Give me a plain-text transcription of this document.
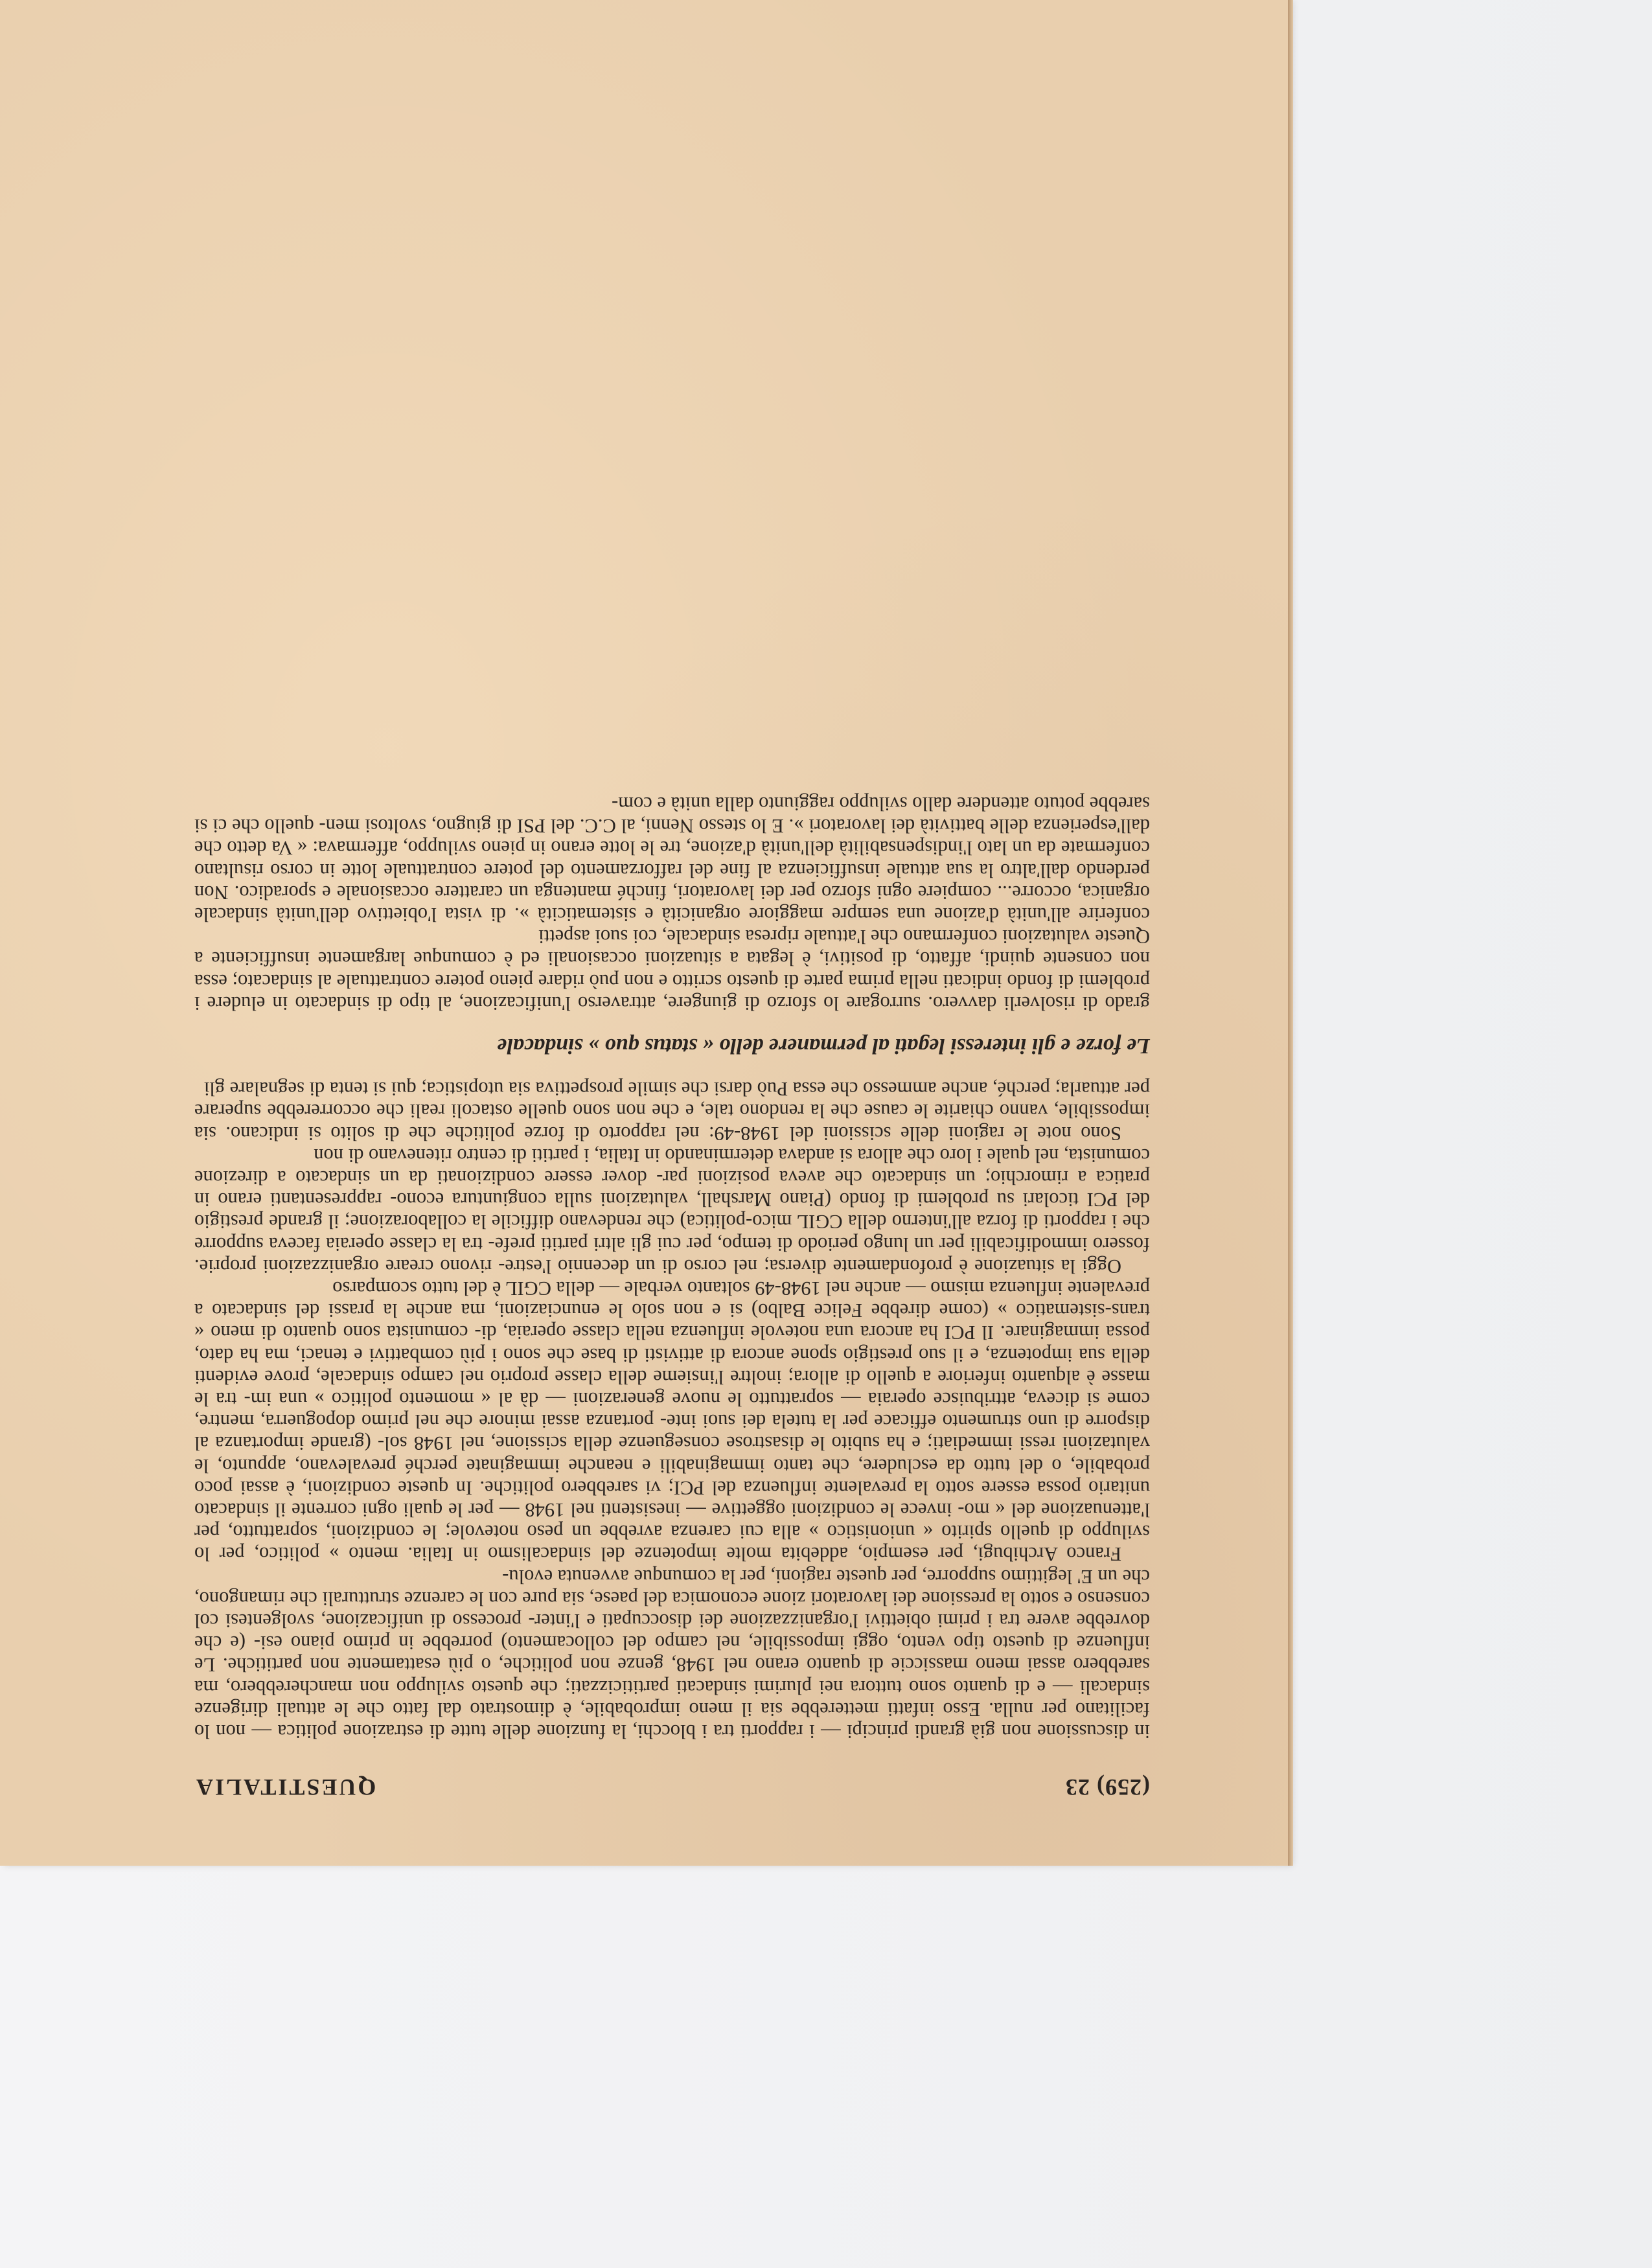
(259) 23
QUESTITALIA

in discussione non già grandi principi — i rapporti tra i blocchi, la funzione delle tutte di estrazione politica — non lo facilitano per nulla. Esso infatti metterebbe sia il meno improbabile, è dimostrato dal fatto che le attuali dirigenze sindacali — e di quanto sono tuttora nei plurimi sindacati partiticizzati; che questo sviluppo non mancherebbero, ma sarebbero assai meno massiccie di quanto erano nel 1948, genze non politiche, o più esattamente non partitiche. Le influenze di questo tipo vento, oggi impossibile, nel campo del collocamento) porrebbe in primo piano esi- (e che dovrebbe avere tra i primi obiettivi l'organizzazione dei disoccupati e l'inter- processo di unificazione, svolgentesi col consenso e sotto la pressione dei lavoratori zione economica del paese, sia pure con le carenze strutturali che rimangono, che un E' legittimo supporre, per queste ragioni, per la comunque avvenuta evolu-

Franco Archibugi, per esempio, addebita molte impotenze del sindacalismo in Italia. mento » politico, per lo sviluppo di quello spirito « unionistico » alla cui carenza avrebbe un peso notevole; le condizioni, soprattutto, per l'attenuazione del « mo- invece le condizioni oggettive — inesistenti nel 1948 — per le quali ogni corrente il sindacato unitario possa essere sotto la prevalente influenza del PCI; vi sarebbero politiche. In queste condizioni, è assai poco probabile, o del tutto da escludere, che tanto immaginabili e neanche immaginate perché prevalevano, appunto, le valutazioni ressi immediati; e ha subito le disastrose conseguenze della scissione, nel 1948 sol- (grande importanza al disporre di uno strumento efficace per la tutela dei suoi inte- portanza assai minore che nel primo dopoguerra, mentre, come si diceva, attribuisce operaia — soprattutto le nuove generazioni — dà al « momento politico » una im- tra le masse è alquanto inferiore a quello di allora; inoltre l'insieme della classe proprio nel campo sindacale, prove evidenti della sua impotenza, e il suo prestigio spone ancora di attivisti di base che sono i più combattivi e tenaci, ma ha dato, possa immaginare. Il PCI ha ancora una notevole influenza nella classe operaia, di- comunista sono quanto di meno « trans-sistematico » (come direbbe Felice Balbo) si e non solo le enunciazioni, ma anche la prassi del sindacato a prevalente influenza mismo — anche nel 1948-49 soltanto verbale — della CGIL è del tutto scomparso

Oggi la situazione è profondamente diversa; nel corso di un decennio l'estre- rivono creare organizzazioni proprie. fossero immodificabili per un lungo periodo di tempo, per cui gli altri partiti prefe- tra la classe operaia faceva supporre che i rapporti di forza all'interno della CGIL mico-politica) che rendevano difficile la collaborazione; il grande prestigio del PCI ticolari su problemi di fondo (Piano Marshall, valutazioni sulla congiuntura econo- rappresentanti erano in pratica a rimorchio; un sindacato che aveva posizioni par- dover essere condizionati da un sindacato a direzione comunista, nel quale i loro che allora si andava determinando in Italia, i partiti di centro ritenevano di non

Sono note le ragioni delle scissioni del 1948-49: nel rapporto di forze politiche che di solito si indicano. sia impossibile, vanno chiarite le cause che la rendono tale, e che non sono quelle ostacoli reali che occorrerebbe superare per attuarla; perché, anche ammesso che essa Può darsi che simile prospettiva sia utopistica; qui si tenta di segnalare gli

Le forze e gli interessi legati al permanere dello « status quo » sindacale

grado di risolverli davvero. surrogare lo sforzo di giungere, attraverso l'unificazione, al tipo di sindacato in eludere i problemi di fondo indicati nella prima parte di questo scritto e non può ridare pieno potere contrattuale al sindacato; essa non consente quindi, affatto, di positivi, è legata a situazioni occasionali ed è comunque largamente insufficiente a Queste valutazioni confermano che l'attuale ripresa sindacale, coi suoi aspetti

conferire all'unità d'azione una sempre maggiore organicità e sistematicità ». di vista l'obiettivo dell'unità sindacale organica, occorre... compiere ogni sforzo per dei lavoratori, finché mantenga un carattere occasionale e sporadico. Non perdendo dall'altro la sua attuale insufficienza al fine del rafforzamento del potere contrattuale lotte in corso risultano confermate da un lato l'indispensabilità dell'unità d'azione, tre le lotte erano in pieno sviluppo, affermava: « Va detto che dall'esperienza delle battività dei lavoratori ». E lo stesso Nenni, al C.C. del PSI di giugno, svoltosi men- quello che ci si sarebbe potuto attendere dallo sviluppo raggiunto dalla unità e com-
